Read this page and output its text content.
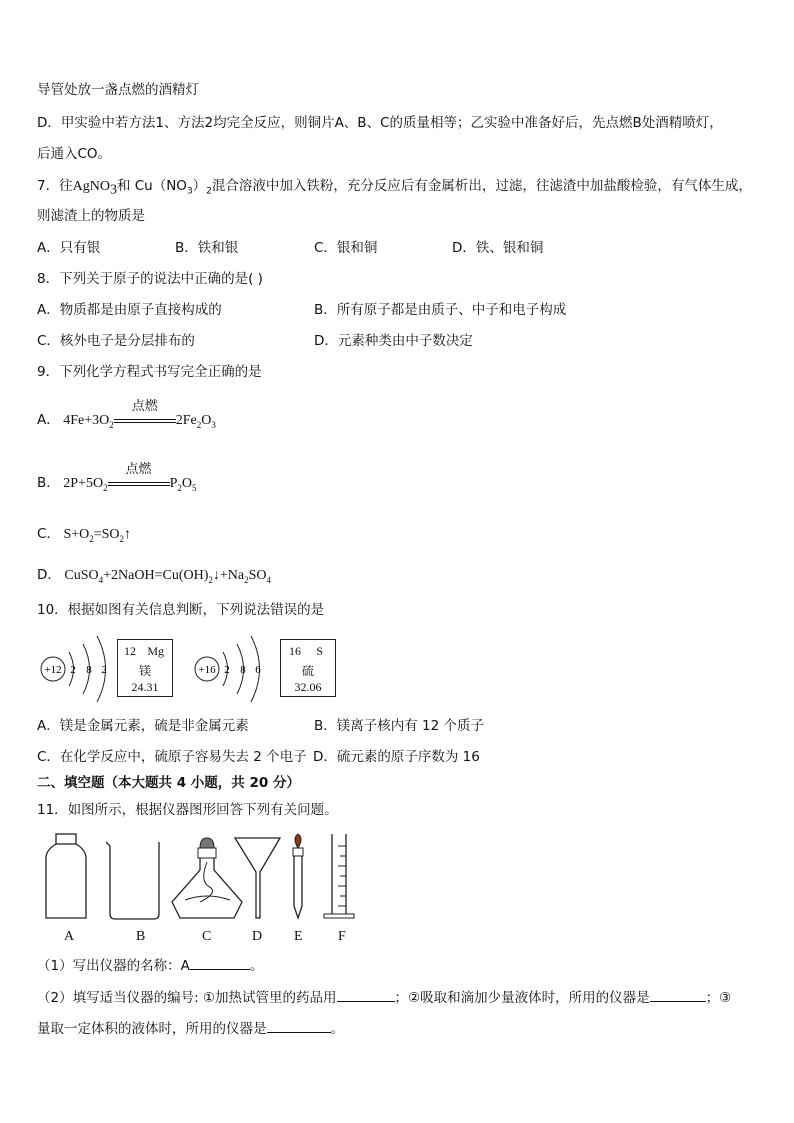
导管处放一盏点燃的酒精灯
D．甲实验中若方法1、方法2均完全反应，则铜片A、B、C的质量相等；乙实验中准备好后，先点燃B处酒精喷灯，
后通入CO。
7．往AgNO$_3$和 $Cu(NO_3)_2$混合溶液中加入铁粉，充分反应后有金属析出，过滤，往滤渣中加盐酸检验，有气体生成，
则滤渣上的物质是
A．只有银	B．铁和银	C．银和铜	D．铁、银和铜
8．下列关于原子的说法中正确的是( )
A．物质都是由原子直接构成的	B．所有原子都是由质子、中子和电子构成
C．核外电子是分层排布的	D．元素种类由中子数决定
9．下列化学方程式书写完全正确的是
A． $4Fe+3O_2$
点燃
$2Fe_2O_3$
B． $2P+5O_2$
点燃
$P_2O_5$
C． $S+O_2=SO_2↑$
D． $CuSO_4+2NaOH=Cu(OH)_2↓+Na_2SO_4$
10．根据如图有关信息判断，下列说法错误的是
+12 2 8 2
12 Mg
镁
24.31
+16 2 8 6
16 S
硫
32.06
A．镁是金属元素，硫是非金属元素	B．镁离子核内有 12 个质子
C．在化学反应中，硫原子容易失去 2 个电子 D．硫元素的原子序数为 16
二、填空题（本大题共 4 小题，共 20 分）
11．如图所示，根据仪器图形回答下列有关问题。
A	B	C	D E	F
（1）写出仪器的名称：A	。
（2）填写适当仪器的编号: ①加热试管里的药品用	；②吸取和滴加少量液体时，所用的仪器是	；③
量取一定体积的液体时，所用的仪器是	。
